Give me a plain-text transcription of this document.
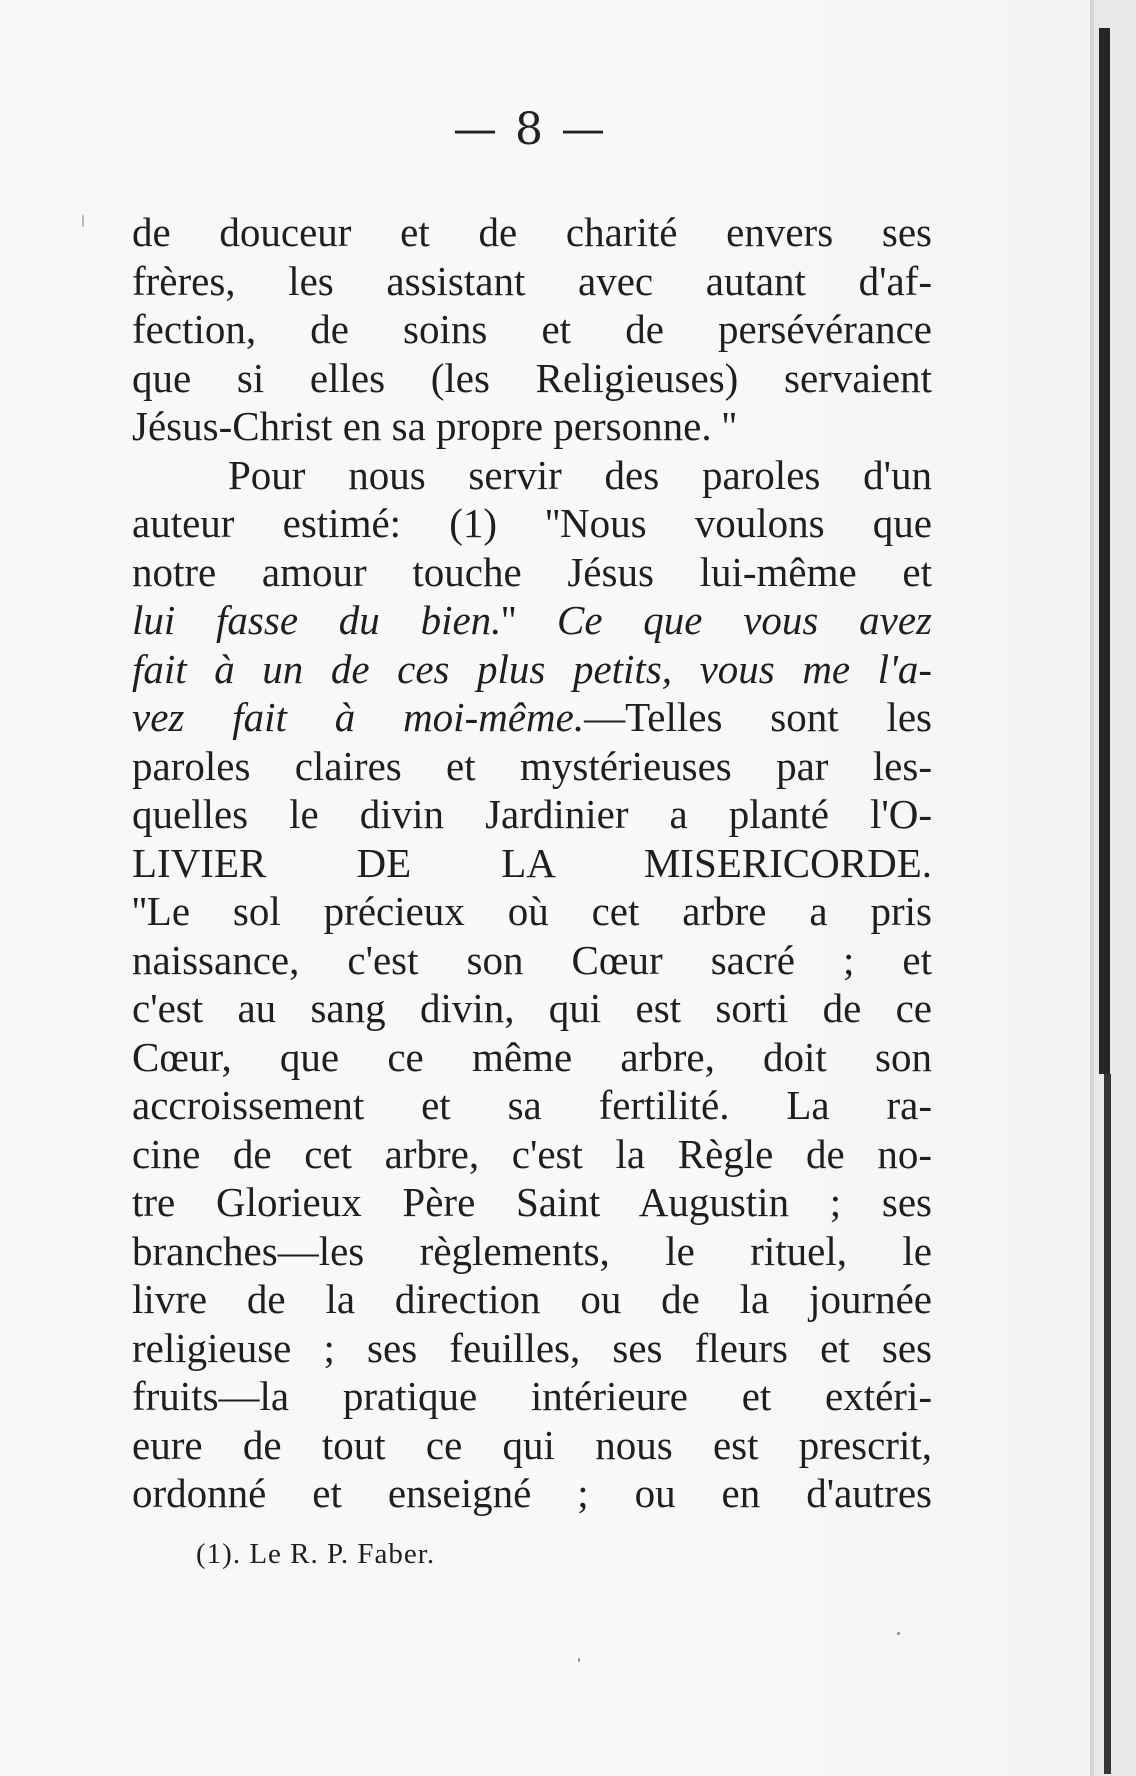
— 8 —
de douceur et de charité envers ses
frères, les assistant avec autant d'af-
fection, de soins et de persévérance
que si elles (les Religieuses) servaient
Jésus-Christ en sa propre personne. ''
Pour nous servir des paroles d'un
auteur estimé: (1) ''Nous voulons que
notre amour touche Jésus lui-même et
lui fasse du bien.'' Ce que vous avez
fait à un de ces plus petits, vous me l'a-
vez fait à moi-même.—Telles sont les
paroles claires et mystérieuses par les-
quelles le divin Jardinier a planté l'O-
LIVIER DE LA MISERICORDE.
''Le sol précieux où cet arbre a pris
naissance, c'est son Cœur sacré ; et
c'est au sang divin, qui est sorti de ce
Cœur, que ce même arbre, doit son
accroissement et sa fertilité. La ra-
cine de cet arbre, c'est la Règle de no-
tre Glorieux Père Saint Augustin ; ses
branches—les règlements, le rituel, le
livre de la direction ou de la journée
religieuse ; ses feuilles, ses fleurs et ses
fruits—la pratique intérieure et extéri-
eure de tout ce qui nous est prescrit,
ordonné et enseigné ; ou en d'autres
(1). Le R. P. Faber.
